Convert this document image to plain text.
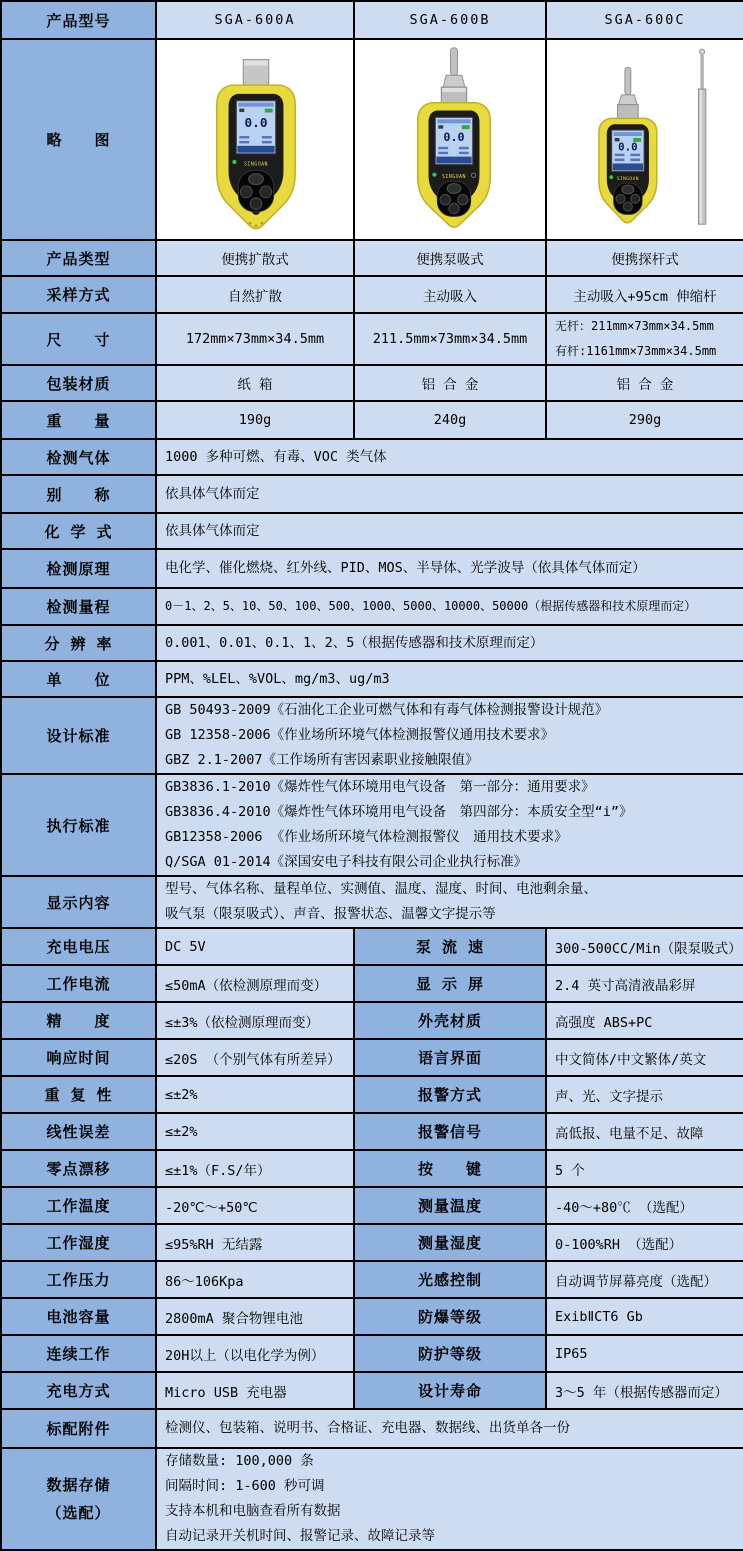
产品型号	SGA-600A	SGA-600B	SGA-600C
略　　图	0.0
SINGOAN	0.0
SINGOAN	0.0
SINGOAN

产品类型	便携扩散式	便携泵吸式	便携探杆式
采样方式	自然扩散	主动吸入	主动吸入+95cm 伸缩杆
尺　　寸	172mm×73mm×34.5mm	211.5mm×73mm×34.5mm	无杆：211mm×73mm×34.5mm
有杆:1161mm×73mm×34.5mm

包装材质	纸 箱	铝 合 金	铝 合 金
重　　量	190g	240g	290g
检测气体	1000 多种可燃、有毒、VOC 类气体		

别　　称	依具体气体而定		

化 学 式	依具体气体而定		

检测原理	电化学、催化燃烧、红外线、PID、MOS、半导体、光学波导（依具体气体而定）		

检测量程	0－1、2、5、10、50、100、500、1000、5000、10000、50000（根据传感器和技术原理而定）		

分 辨 率	0.001、0.01、0.1、1、2、5（根据传感器和技术原理而定）		

单　　位	PPM、%LEL、%VOL、mg/m3、ug/m3		

设计标准	GB 50493-2009《石油化工企业可燃气体和有毒气体检测报警设计规范》
GB 12358-2006《作业场所环境气体检测报警仪通用技术要求》
GBZ 2.1-2007《工作场所有害因素职业接触限值》		

执行标准	GB3836.1-2010《爆炸性气体环境用电气设备　第一部分：通用要求》
GB3836.4-2010《爆炸性气体环境用电气设备　第四部分：本质安全型“i”》
GB12358-2006 《作业场所环境气体检测报警仪　通用技术要求》
Q/SGA 01-2014《深国安电子科技有限公司企业执行标准》		

显示内容	型号、气体名称、量程单位、实测值、温度、湿度、时间、电池剩余量、
吸气泵（限泵吸式）、声音、报警状态、温馨文字提示等		

充电电压	DC 5V	泵 流 速	300-500CC/Min（限泵吸式）
工作电流	≤50mA（依检测原理而变）	显 示 屏	2.4 英寸高清液晶彩屏
精　　度	≤±3%（依检测原理而变）	外壳材质	高强度 ABS+PC
响应时间	≤20S （个别气体有所差异）	语言界面	中文简体/中文繁体/英文
重 复 性	≤±2%	报警方式	声、光、文字提示
线性误差	≤±2%	报警信号	高低报、电量不足、故障
零点漂移	≤±1%（F.S/年）	按　　键	5 个
工作温度	-20℃～+50℃	测量温度	-40～+80℃ （选配）
工作湿度	≤95%RH 无结露	测量湿度	0-100%RH （选配）
工作压力	86～106Kpa	光感控制	自动调节屏幕亮度（选配）
电池容量	2800mA 聚合物锂电池	防爆等级	ExibⅡCT6 Gb
连续工作	20H以上（以电化学为例）	防护等级	IP65
充电方式	Micro USB 充电器	设计寿命	3～5 年（根据传感器而定）
标配附件	检测仪、包装箱、说明书、合格证、充电器、数据线、出货单各一份		

数据存储
（选配）

存储数量: 100,000 条
间隔时间: 1-600 秒可调
支持本机和电脑查看所有数据
自动记录开关机时间、报警记录、故障记录等
